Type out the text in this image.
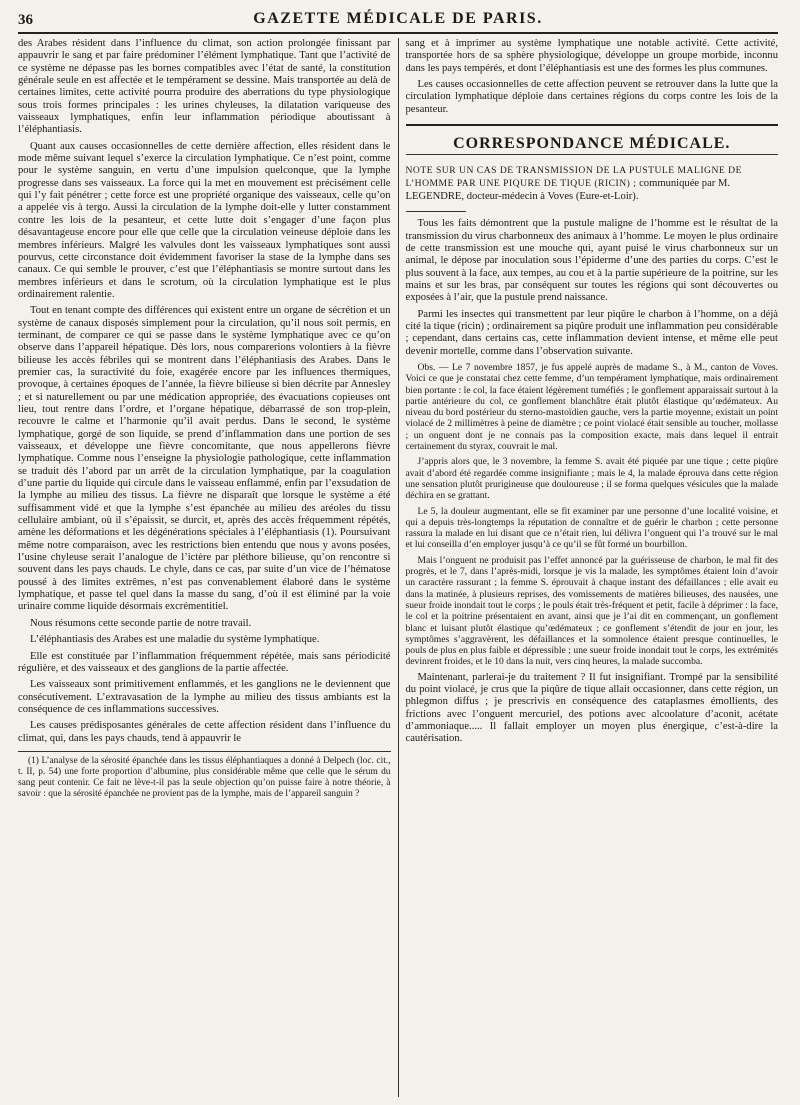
36	GAZETTE MÉDICALE DE PARIS.

des Arabes résident dans l’influence du climat, son action prolongée finissant par appauvrir le sang et par faire prédominer l’élément lymphatique. Tant que l’activité de ce système ne dépasse pas les bornes compatibles avec l’état de santé, la constitution générale seule en est affectée et le tempérament se dessine. Mais transportée au delà de certaines limites, cette activité pourra produire des aberrations du type physiologique sous trois formes principales : les urines chyleuses, la dilatation variqueuse des vaisseaux lymphatiques, enfin leur inflammation périodique aboutissant à l’éléphantiasis.

Quant aux causes occasionnelles de cette dernière affection, elles résident dans le mode même suivant lequel s’exerce la circulation lymphatique. Ce n’est point, comme pour le système sanguin, en vertu d’une impulsion quelconque, que la lymphe progresse dans ses vaisseaux. La force qui la met en mouvement est précisément celle qui l’y fait pénétrer ; cette force est une propriété organique des vaisseaux, celle qu’on a appelée vis à tergo. Aussi la circulation de la lymphe doit-elle y lutter constamment contre les lois de la pesanteur, et cette lutte doit s’engager d’une façon plus désavantageuse encore pour elle que celle que la circulation veineuse déploie dans les membres inférieurs. Malgré les valvules dont les vaisseaux lymphatiques sont aussi pourvus, cette circonstance doit évidemment favoriser la stase de la lymphe dans ses canaux. Ce qui semble le prouver, c’est que l’éléphantiasis se montre surtout dans les membres inférieurs et dans le scrotum, où la circulation lymphatique est le plus ordinairement ralentie.

Tout en tenant compte des différences qui existent entre un organe de sécrétion et un système de canaux disposés simplement pour la circulation, qu’il nous soit permis, en terminant, de comparer ce qui se passe dans le système lymphatique avec ce qu’on observe dans l’appareil hépatique. Dès lors, nous comparerions volontiers à la fièvre bilieuse les accès fébriles qui se montrent dans l’éléphantiasis des Arabes. Dans le premier cas, la suractivité du foie, exagérée encore par les influences thermiques, provoque, à certaines époques de l’année, la fièvre bilieuse si bien décrite par Annesley ; et si naturellement ou par une médication appropriée, des évacuations copieuses ont lieu, tout rentre dans l’ordre, et l’organe hépatique, débarrassé de son trop-plein, recouvre le calme et l’harmonie qu’il avait perdus. Dans le second, le système lymphatique, gorgé de son liquide, se prend d’inflammation dans une portion de ses vaisseaux, et développe une fièvre concomitante, que nous appellerons fièvre lymphatique. Comme nous l’enseigne la physiologie pathologique, cette inflammation se traduit dès l’abord par un arrêt de la circulation lymphatique, par la coagulation d’une partie du liquide qui circule dans le vaisseau enflammé, enfin par l’exsudation de la lymphe au milieu des tissus. La fièvre ne disparaît que lorsque le système a été suffisamment vidé et que la lymphe s’est épanchée au milieu des aréoles du tissu cellulaire ambiant, où il s’épaissit, se durcit, et, après des accès fréquemment répétés, amène les déformations et les dégénérations spéciales à l’éléphantiasis (1). Poursuivant même notre comparaison, avec les restrictions bien entendu que nous y avons posées, l’usine chyleuse serait l’analogue de l’ictère par pléthore bilieuse, qu’on rencontre si souvent dans les pays chauds. Le chyle, dans ce cas, par suite d’un vice de l’hématose poussé à des limites extrêmes, n’est pas convenablement élaboré dans le système lymphatique, et passe tel quel dans la masse du sang, d’où il est éliminé par la voie urinaire comme liquide désormais excrémentitiel.

Nous résumons cette seconde partie de notre travail.

L’éléphantiasis des Arabes est une maladie du système lymphatique.

Elle est constituée par l’inflammation fréquemment répétée, mais sans périodicité régulière, et des vaisseaux et des ganglions de la partie affectée.

Les vaisseaux sont primitivement enflammés, et les ganglions ne le deviennent que consécutivement. L’extravasation de la lymphe au milieu des tissus ambiants est la conséquence de ces inflammations successives.

Les causes prédisposantes générales de cette affection résident dans l’influence du climat, qui, dans les pays chauds, tend à appauvrir le

(1) L’analyse de la sérosité épanchée dans les tissus éléphantiaques a donné à Delpech (loc. cit., t. II, p. 54) une forte proportion d’albumine, plus considérable même que celle que le sérum du sang peut contenir. Ce fait ne lève-t-il pas la seule objection qu’on puisse faire à notre théorie, à savoir : que la sérosité épanchée ne provient pas de la lymphe, mais de l’appareil sanguin ?

sang et à imprimer au système lymphatique une notable activité. Cette activité, transportée hors de sa sphère physiologique, développe un groupe morbide, inconnu dans les pays tempérés, et dont l’éléphantiasis est une des formes les plus communes.

Les causes occasionnelles de cette affection peuvent se retrouver dans la lutte que la circulation lymphatique déploie dans certaines régions du corps contre les lois de la pesanteur.

CORRESPONDANCE MÉDICALE.
NOTE SUR UN CAS DE TRANSMISSION DE LA PUSTULE MALIGNE DE L’HOMME PAR UNE PIQURE DE TIQUE (RICIN) ; communiquée par M. LEGENDRE, docteur-médecin à Voves (Eure-et-Loir).

Tous les faits démontrent que la pustule maligne de l’homme est le résultat de la transmission du virus charbonneux des animaux à l’homme. Le moyen le plus ordinaire de cette transmission est une mouche qui, ayant puisé le virus charbonneux sur un animal, le dépose par inoculation sous l’épiderme d’une des parties du corps. C’est le plus souvent à la face, aux tempes, au cou et à la partie supérieure de la poitrine, sur les mains et sur les bras, par conséquent sur toutes les régions qui sont découvertes ou exposées à l’air, que la pustule prend naissance.

Parmi les insectes qui transmettent par leur piqûre le charbon à l’homme, on a déjà cité la tique (ricin) ; ordinairement sa piqûre produit une inflammation peu considérable ; cependant, dans certains cas, cette inflammation devient intense, et même elle peut devenir mortelle, comme dans l’observation suivante.

Obs. — Le 7 novembre 1857, je fus appelé auprès de madame S., à M., canton de Voves. Voici ce que je constatai chez cette femme, d’un tempérament lymphatique, mais ordinairement bien portante : le col, la face étaient légèrement tuméfiés ; le gonflement apparaissait surtout à la partie antérieure du col, ce gonflement blanchâtre était plutôt élastique qu’œdémateux. Au niveau du bord postérieur du sterno-mastoïdien gauche, vers la partie moyenne, existait un point violacé de 2 millimètres à peine de diamètre ; ce point violacé était sensible au toucher, mollasse ; un onguent dont je ne connais pas la composition exacte, mais dans lequel il entrait certainement du styrax, couvrait le mal.

J’appris alors que, le 3 novembre, la femme S. avait été piquée par une tique ; cette piqûre avait d’abord été regardée comme insignifiante ; mais le 4, la malade éprouva dans cette région une sensation plutôt prurigineuse que douloureuse ; il se forma quelques vésicules que la malade déchira en se grattant.

Le 5, la douleur augmentant, elle se fit examiner par une personne d’une localité voisine, et qui a depuis très-longtemps la réputation de connaître et de guérir le charbon ; cette personne rassura la malade en lui disant que ce n’était rien, lui délivra l’onguent qui l’a trouvé sur le mal et lui conseilla d’en employer jusqu’à ce qu’il se fût formé un bourbillon.

Mais l’onguent ne produisit pas l’effet annoncé par la guérisseuse de charbon, le mal fit des progrès, et le 7, dans l’après-midi, lorsque je vis la malade, les symptômes étaient loin d’avoir un caractère rassurant ; la femme S. éprouvait à chaque instant des défaillances ; elle avait eu dans la matinée, à plusieurs reprises, des vomissements de matières bilieuses, des nausées, une sueur froide inondait tout le corps ; le pouls était très-fréquent et petit, facile à déprimer : la face, le col et la poitrine présentaient en avant, ainsi que je l’ai dit en commençant, un gonflement blanc et luisant plutôt élastique qu’œdémateux ; ce gonflement s’étendit de jour en jour, les symptômes s’aggravèrent, les défaillances et la somnolence étaient presque continuelles, le pouls de plus en plus faible et dépressible ; une sueur froide inondait tout le corps, les extrémités devinrent froides, et le 10 dans la nuit, vers cinq heures, la malade succomba.

Maintenant, parlerai-je du traitement ? Il fut insignifiant. Trompé par la sensibilité du point violacé, je crus que la piqûre de tique allait occasionner, dans cette région, un phlegmon diffus ; je prescrivis en conséquence des cataplasmes émollients, des frictions avec l’onguent mercuriel, des potions avec alcoolature d’aconit, acétate d’ammoniaque..... Il fallait employer un moyen plus énergique, c’est-à-dire la cautérisation.
